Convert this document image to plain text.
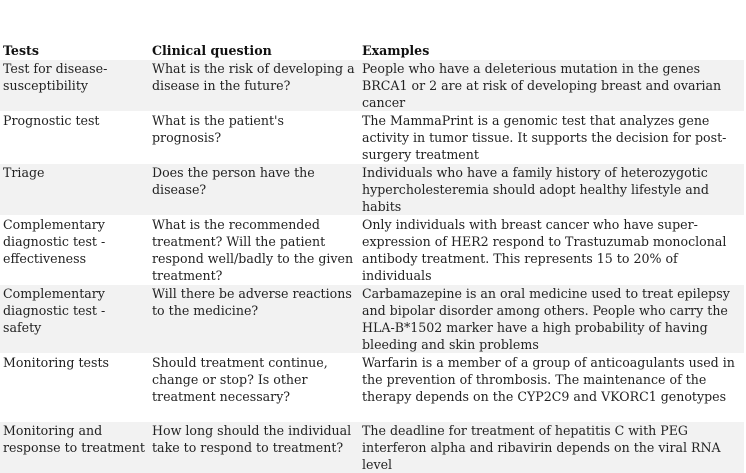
Tests	Clinical question	Examples
Test for disease-susceptibility	What is the risk of developing a disease in the future?	People who have a deleterious mutation in the genes BRCA1 or 2 are at risk of developing breast and ovarian cancer
Prognostic test	What is the patient's prognosis?	The MammaPrint is a genomic test that analyzes gene activity in tumor tissue. It supports the decision for post-surgery treatment
Triage	Does the person have the disease?	Individuals who have a family history of heterozygotic hypercholesteremia should adopt healthy lifestyle and habits
Complementary diagnostic test - effectiveness	What is the recommended treatment? Will the patient respond well/badly to the given treatment?	Only individuals with breast cancer who have super-expression of HER2 respond to Trastuzumab monoclonal antibody treatment. This represents 15 to 20% of individuals
Complementary diagnostic test - safety	Will there be adverse reactions to the medicine?	Carbamazepine is an oral medicine used to treat epilepsy and bipolar disorder among others. People who carry the HLA-B*1502 marker have a high probability of having bleeding and skin problems
Monitoring tests	Should treatment continue, change or stop? Is other treatment necessary?	Warfarin is a member of a group of anticoagulants used in the prevention of thrombosis. The maintenance of the therapy depends on the CYP2C9 and VKORC1 genotypes
Monitoring and response to treatment	How long should the individual take to respond to treatment?	The deadline for treatment of hepatitis C with PEG interferon alpha and ribavirin depends on the viral RNA level
